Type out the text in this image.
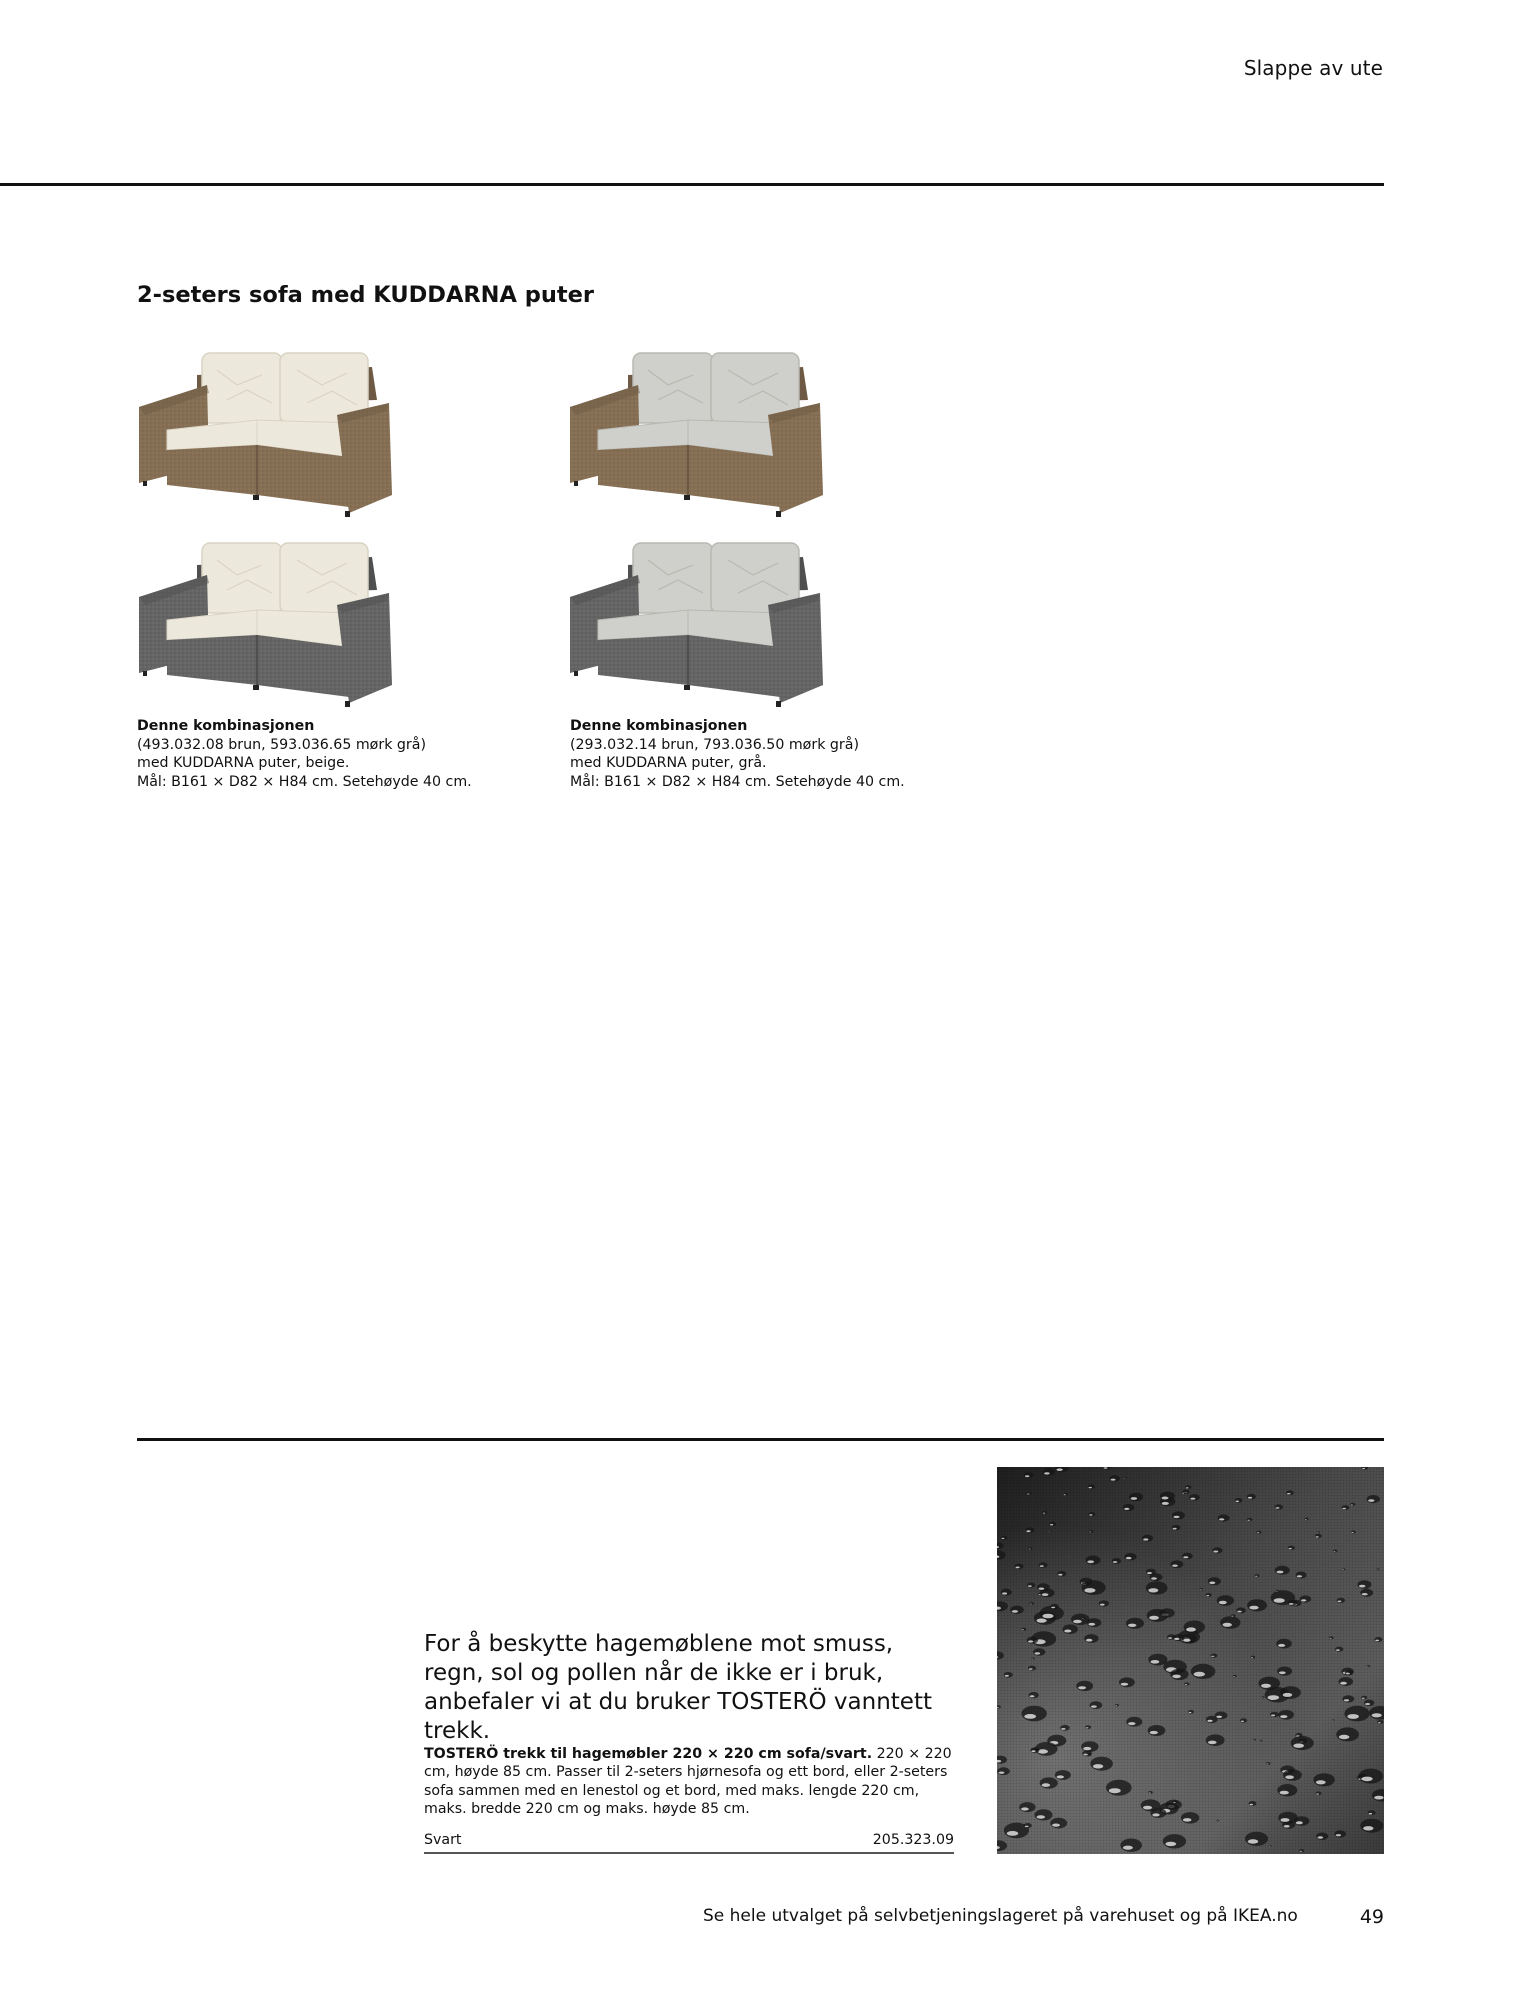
Slappe av ute
2-seters sofa med KUDDARNA puter
Denne kombinasjonen
(493.032.08 brun, 593.036.65 mørk grå)
med KUDDARNA puter, beige.
Mål: B161 × D82 × H84 cm. Setehøyde 40 cm.
Denne kombinasjonen
(293.032.14 brun, 793.036.50 mørk grå)
med KUDDARNA puter, grå.
Mål: B161 × D82 × H84 cm. Setehøyde 40 cm.

For å beskytte hagemøblene mot smuss, regn, sol og pollen når de ikke er i bruk, anbefaler vi at du bruker TOSTERÖ vanntett trekk.

TOSTERÖ trekk til hagemøbler 220 × 220 cm sofa/svart. 220 × 220 cm, høyde 85 cm. Passer til 2-seters hjørnesofa og ett bord, eller 2-seters sofa sammen med en lenestol og et bord, med maks. lengde 220 cm, maks. bredde 220 cm og maks. høyde 85 cm.

Svart	205.323.09
Se hele utvalget på selvbetjeningslageret på varehuset og på IKEA.no	49
